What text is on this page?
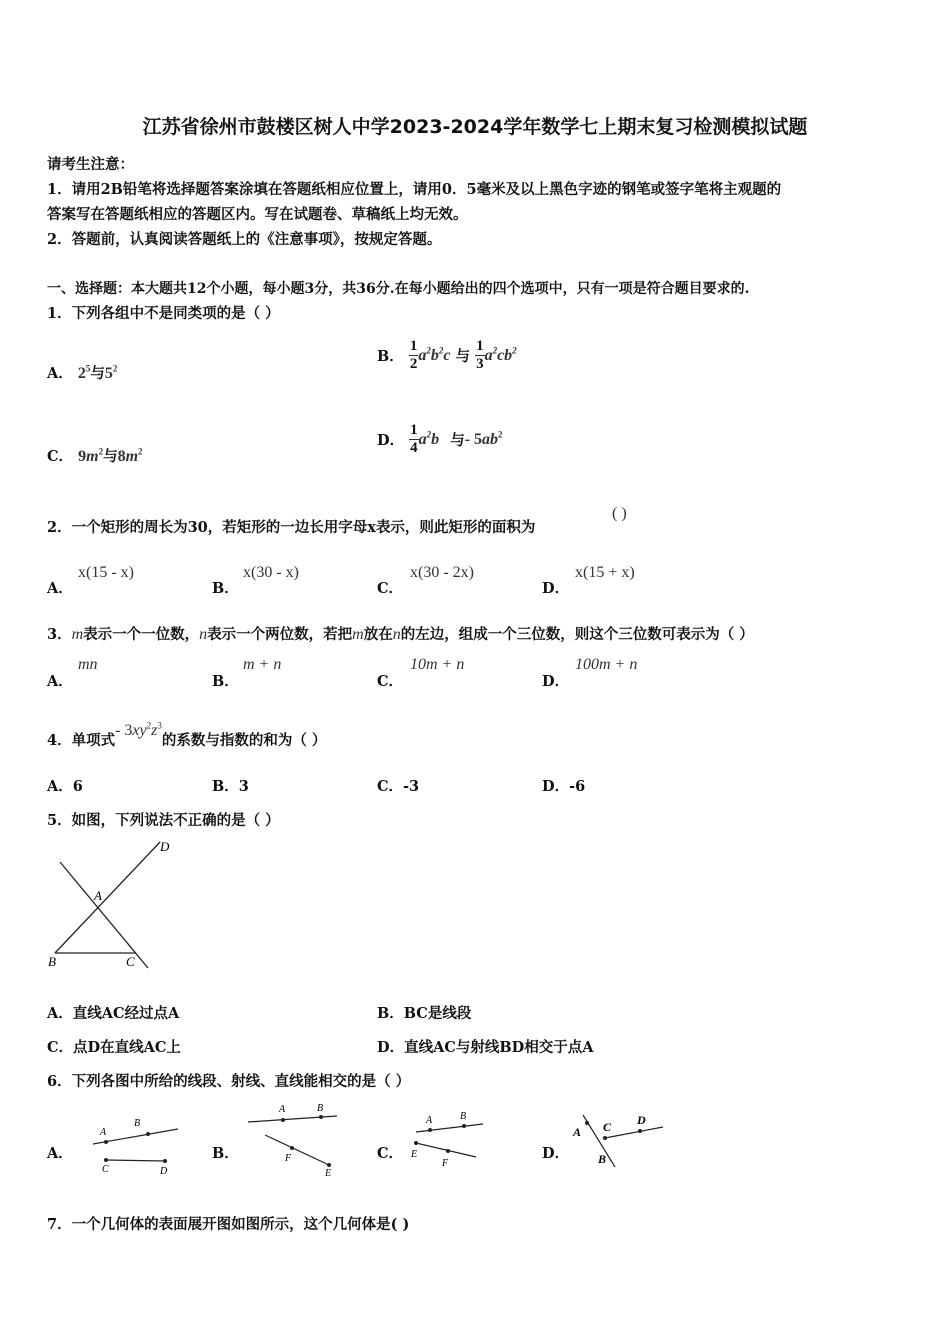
江苏省徐州市鼓楼区树人中学2023-2024学年数学七上期末复习检测模拟试题
请考生注意：
1．请用2B铅笔将选择题答案涂填在答题纸相应位置上，请用0．5毫米及以上黑色字迹的钢笔或签字笔将主观题的
答案写在答题纸相应的答题区内。写在试题卷、草稿纸上均无效。
2．答题前，认真阅读答题纸上的《注意事项》，按规定答题。
一、选择题：本大题共12个小题，每小题3分，共36分.在每小题给出的四个选项中，只有一项是符合题目要求的.
1．下列各组中不是同类项的是（ ）
A． $2^5$与$5^2$
B． $\frac{1}{2} a^2b^2c$ 与 $\frac{1}{3} a^2cb^2$
C． $9m^2$与$8m^2$
D． $\frac{1}{4} a^2b$ 与- $5ab^2$
2．一个矩形的周长为30，若矩形的一边长用字母x表示，则此矩形的面积为
( )
A．
x(15 - x)
B．
x(30 - x)
C．
x(30 - 2x)
D．
x(15 + x)
3．m表示一个一位数，n表示一个两位数，若把m放在n的左边，组成一个三位数，则这个三位数可表示为（ ）
A．
mn
B．
m + n
C．
10m + n
D．
100m + n
4．单项式- $3xy^2z^3$的系数与指数的和为（ ）
A．6	B．3	C．-3	D．-6
5．如图，下列说法不正确的是（ ）
D
A
B	C
A．直线AC经过点A	B．BC是线段
C．点D在直线AC上	D．直线AC与射线BD相交于点A
6．下列各图中所给的线段、射线、直线能相交的是（ ）
A．
A
B
C	D
B．
A	B
F
E
C．
A	B
E
F
D．
A C D
B
7．一个几何体的表面展开图如图所示，这个几何体是( )
